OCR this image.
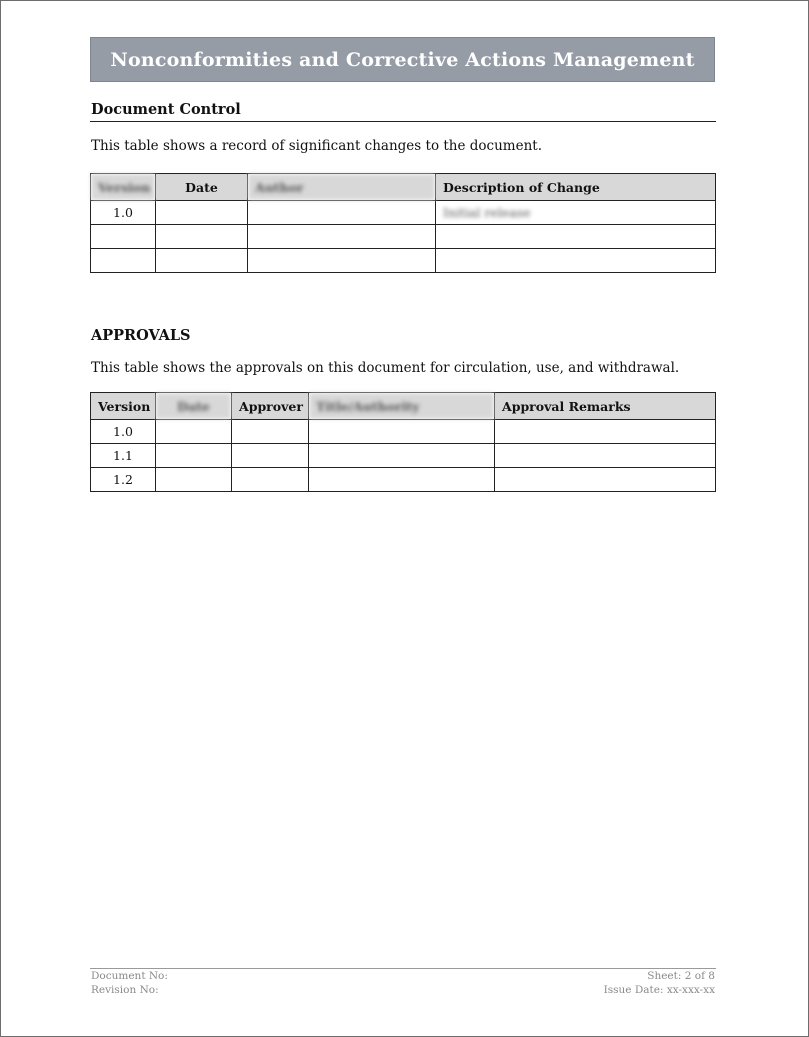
Nonconformities and Corrective Actions Management
Document Control
This table shows a record of significant changes to the document.
Version	Date	Author	Description of Change
1.0			Initial release

APPROVALS
This table shows the approvals on this document for circulation, use, and withdrawal.
Version	Date	Approver	Title/Authority	Approval Remarks
1.0				
1.1				
1.2				
Document No:
Revision No:
Sheet: 2 of 8
Issue Date: xx-xxx-xx
